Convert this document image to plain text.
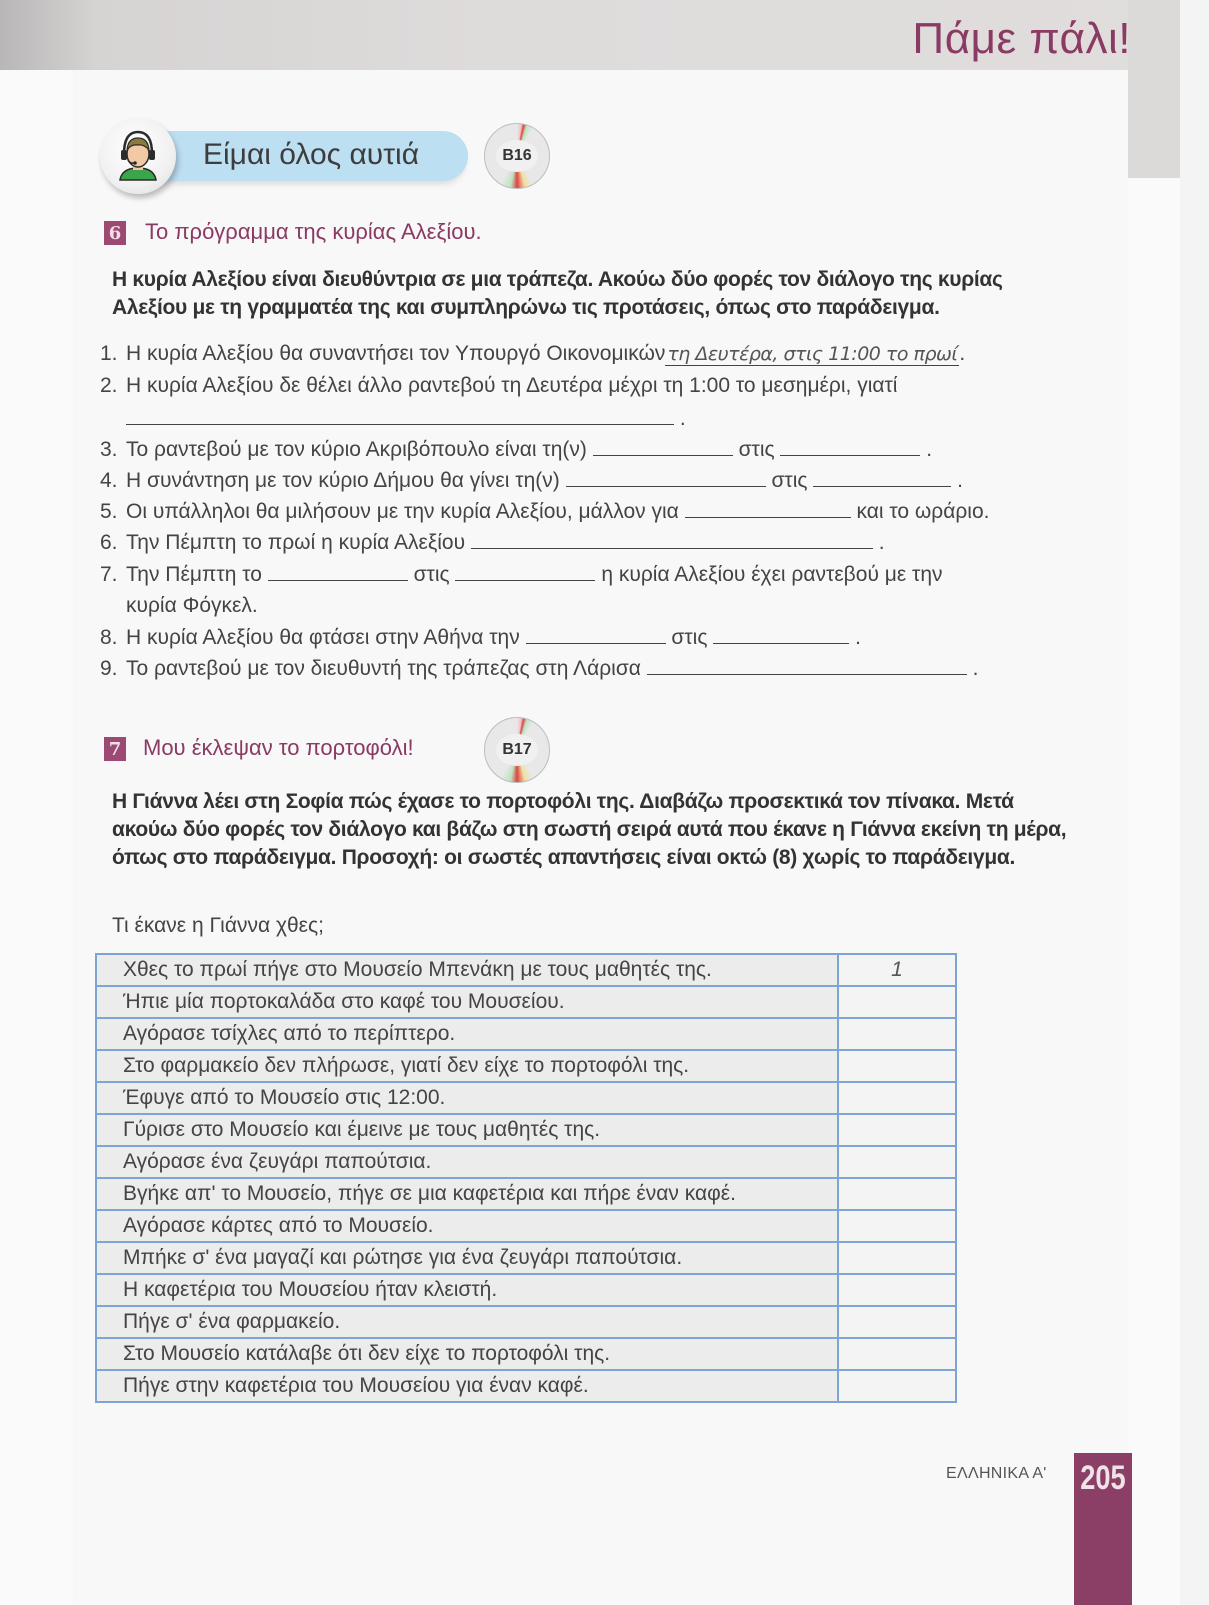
Πάμε πάλι!
Είμαι όλος αυτιά	B16
6 Το πρόγραμμα της κυρίας Αλεξίου.
Η κυρία Αλεξίου είναι διευθύντρια σε μια τράπεζα. Ακούω δύο φορές τον διάλογο της κυρίας Αλεξίου με τη γραμματέα της και συμπληρώνω τις προτάσεις, όπως στο παράδειγμα.
1. Η κυρία Αλεξίου θα συναντήσει τον Υπουργό Οικονομικών τη Δευτέρα, στις 11:00 το πρωί.
2. Η κυρία Αλεξίου δε θέλει άλλο ραντεβού τη Δευτέρα μέχρι τη 1:00 το μεσημέρι, γιατί
.
3. Το ραντεβού με τον κύριο Ακριβόπουλο είναι τη(ν)	στις	.
4. Η συνάντηση με τον κύριο Δήμου θα γίνει τη(ν)	στις	.
5. Οι υπάλληλοι θα μιλήσουν με την κυρία Αλεξίου, μάλλον για	και το ωράριο.
6. Την Πέμπτη το πρωί η κυρία Αλεξίου	.
7. Την Πέμπτη το	στις	η κυρία Αλεξίου έχει ραντεβού με την
κυρία Φόγκελ.
8. Η κυρία Αλεξίου θα φτάσει στην Αθήνα την	στις	.
9. Το ραντεβού με τον διευθυντή της τράπεζας στη Λάρισα	.
7 Μου έκλεψαν το πορτοφόλι!	B17
Η Γιάννα λέει στη Σοφία πώς έχασε το πορτοφόλι της. Διαβάζω προσεκτικά τον πίνακα. Μετά ακούω δύο φορές τον διάλογο και βάζω στη σωστή σειρά αυτά που έκανε η Γιάννα εκείνη τη μέρα, όπως στο παράδειγμα. Προσοχή: οι σωστές απαντήσεις είναι οκτώ (8) χωρίς το παράδειγμα.
Τι έκανε η Γιάννα χθες;
Χθες το πρωί πήγε στο Μουσείο Μπενάκη με τους μαθητές της.	1
Ήπιε μία πορτοκαλάδα στο καφέ του Μουσείου.	
Αγόρασε τσίχλες από το περίπτερο.	
Στο φαρμακείο δεν πλήρωσε, γιατί δεν είχε το πορτοφόλι της.	
Έφυγε από το Μουσείο στις 12:00.	
Γύρισε στο Μουσείο και έμεινε με τους μαθητές της.	
Αγόρασε ένα ζευγάρι παπούτσια.	
Βγήκε απ' το Μουσείο, πήγε σε μια καφετέρια και πήρε έναν καφέ.	
Αγόρασε κάρτες από το Μουσείο.	
Μπήκε σ' ένα μαγαζί και ρώτησε για ένα ζευγάρι παπούτσια.	
Η καφετέρια του Μουσείου ήταν κλειστή.	
Πήγε σ' ένα φαρμακείο.	
Στο Μουσείο κατάλαβε ότι δεν είχε το πορτοφόλι της.	
Πήγε στην καφετέρια του Μουσείου για έναν καφέ.	
ΕΛΛΗΝΙΚΑ Α' 205
